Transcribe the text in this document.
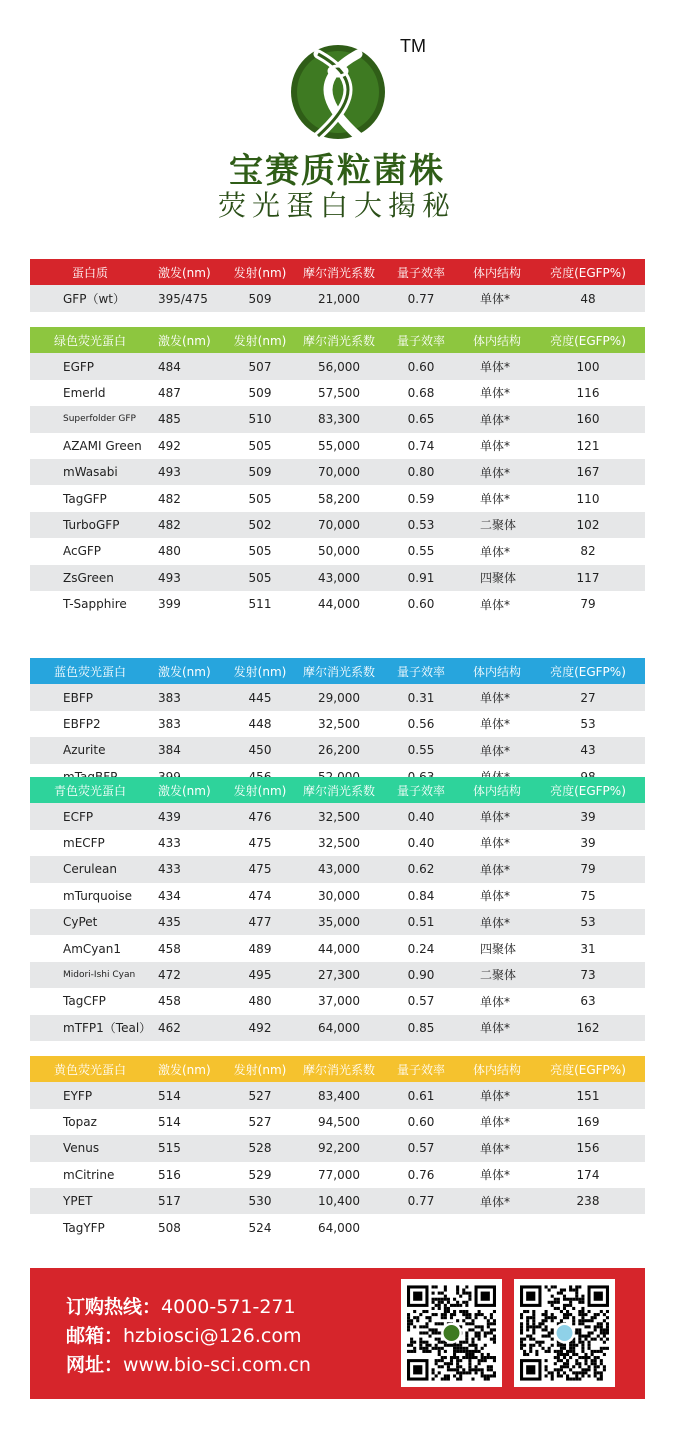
TM
宝赛质粒菌株
荧光蛋白大揭秘
蛋白质	激发(nm)	发射(nm)	摩尔消光系数	量子效率	体内结构	亮度(EGFP%)
GFP（wt）	395/475	509	21,000	0.77	单体*	48
绿色荧光蛋白	激发(nm)	发射(nm)	摩尔消光系数	量子效率	体内结构	亮度(EGFP%)
EGFP	484	507	56,000	0.60	单体*	100
Emerld	487	509	57,500	0.68	单体*	116
Superfolder GFP	485	510	83,300	0.65	单体*	160
AZAMI Green	492	505	55,000	0.74	单体*	121
mWasabi	493	509	70,000	0.80	单体*	167
TagGFP	482	505	58,200	0.59	单体*	110
TurboGFP	482	502	70,000	0.53	二聚体	102
AcGFP	480	505	50,000	0.55	单体*	82
ZsGreen	493	505	43,000	0.91	四聚体	117
T-Sapphire	399	511	44,000	0.60	单体*	79
蓝色荧光蛋白	激发(nm)	发射(nm)	摩尔消光系数	量子效率	体内结构	亮度(EGFP%)
EBFP	383	445	29,000	0.31	单体*	27
EBFP2	383	448	32,500	0.56	单体*	53
Azurite	384	450	26,200	0.55	单体*	43
青色荧光蛋白	激发(nm)	发射(nm)	摩尔消光系数	量子效率	体内结构	亮度(EGFP%)
ECFP	439	476	32,500	0.40	单体*	39
mECFP	433	475	32,500	0.40	单体*	39
Cerulean	433	475	43,000	0.62	单体*	79
mTurquoise	434	474	30,000	0.84	单体*	75
CyPet	435	477	35,000	0.51	单体*	53
AmCyan1	458	489	44,000	0.24	四聚体	31
Midori-Ishi Cyan	472	495	27,300	0.90	二聚体	73
TagCFP	458	480	37,000	0.57	单体*	63
mTFP1（Teal） 462	492	64,000	0.85	单体*	162
黄色荧光蛋白	激发(nm)	发射(nm)	摩尔消光系数	量子效率	体内结构	亮度(EGFP%)
EYFP	514	527	83,400	0.61	单体*	151
Topaz	514	527	94,500	0.60	单体*	169
Venus	515	528	92,200	0.57	单体*	156
mCitrine	516	529	77,000	0.76	单体*	174
YPET	517	530	10,400	0.77	单体*	238
TagYFP	508	524	64,000
订购热线：4000-571-271
邮箱：hzbiosci@126.com
网址：www.bio-sci.com.cn
